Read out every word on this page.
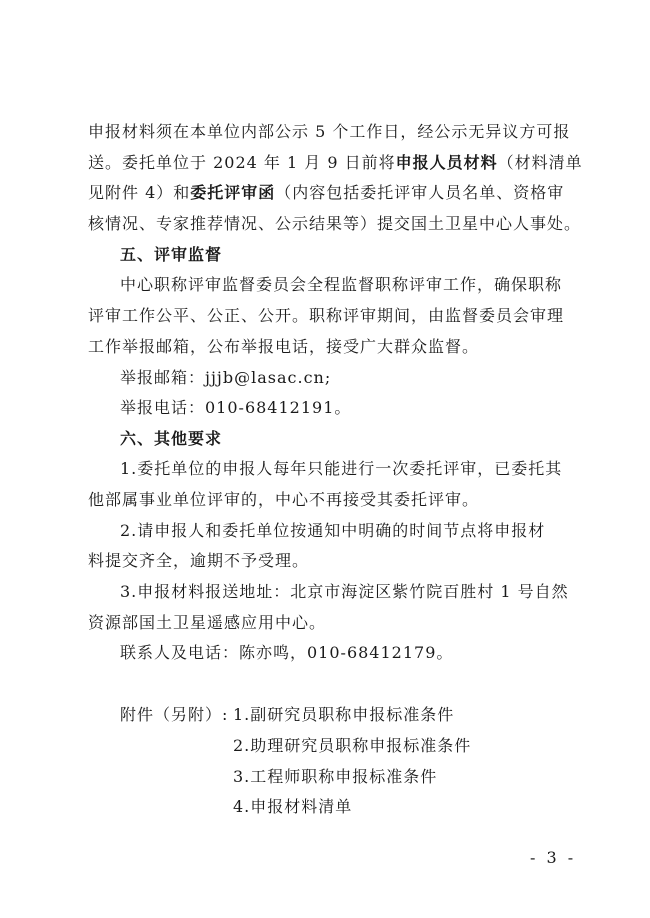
申报材料须在本单位内部公示 5 个工作日，经公示无异议方可报
送。委托单位于 2024 年 1 月 9 日前将申报人员材料（材料清单
见附件 4）和委托评审函（内容包括委托评审人员名单、资格审
核情况、专家推荐情况、公示结果等）提交国土卫星中心人事处。
五、评审监督
中心职称评审监督委员会全程监督职称评审工作，确保职称
评审工作公平、公正、公开。职称评审期间，由监督委员会审理
工作举报邮箱，公布举报电话，接受广大群众监督。
举报邮箱：jjjb@lasac.cn;
举报电话：010-68412191。
六、其他要求
1.委托单位的申报人每年只能进行一次委托评审，已委托其
他部属事业单位评审的，中心不再接受其委托评审。
2.请申报人和委托单位按通知中明确的时间节点将申报材
料提交齐全，逾期不予受理。
3.申报材料报送地址：北京市海淀区紫竹院百胜村 1 号自然
资源部国土卫星遥感应用中心。
联系人及电话：陈亦鸣，010-68412179。
附件（另附）: 1.副研究员职称申报标准条件
2.助理研究员职称申报标准条件
3.工程师职称申报标准条件
4.申报材料清单
- 3 -
